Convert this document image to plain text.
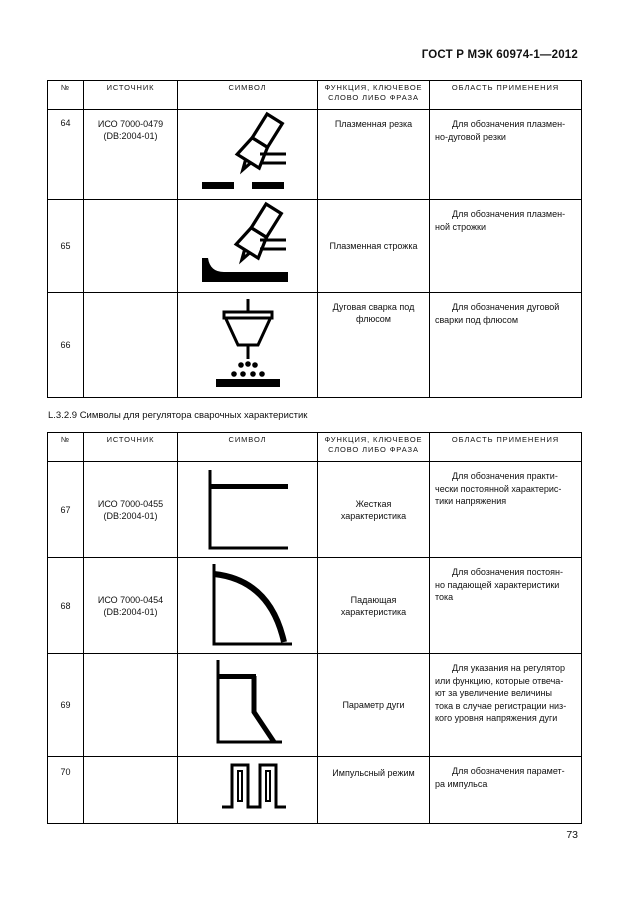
ГОСТ Р МЭК 60974-1—2012
№	ИСТОЧНИК	СИМВОЛ	ФУНКЦИЯ, КЛЮЧЕВОЕ
СЛОВО ЛИБО ФРАЗА	ОБЛАСТЬ ПРИМЕНЕНИЯ
64	ИСО 7000-0479
(DB:2004-01)		Плазменная резка	Для обозначения плазмен-
но-дуговой резки
65			Плазменная строжка	Для обозначения плазмен-
ной строжки
66			Дуговая сварка под
флюсом	Для обозначения дуговой
сварки под флюсом
L.3.2.9 Символы для регулятора сварочных характеристик
№	ИСТОЧНИК	СИМВОЛ	ФУНКЦИЯ, КЛЮЧЕВОЕ
СЛОВО ЛИБО ФРАЗА	ОБЛАСТЬ ПРИМЕНЕНИЯ
67	ИСО 7000-0455
(DB:2004-01)		Жесткая
характеристика	Для обозначения практи-
чески постоянной характерис-
тики напряжения
68	ИСО 7000-0454
(DB:2004-01)		Падающая
характеристика	Для обозначения постоян-
но падающей характеристики
тока
69			Параметр дуги	Для указания на регулятор
или функцию, которые отвеча-
ют за увеличение величины
тока в случае регистрации низ-
кого уровня напряжения дуги
70			Импульсный режим	Для обозначения парамет-
ра импульса
73
